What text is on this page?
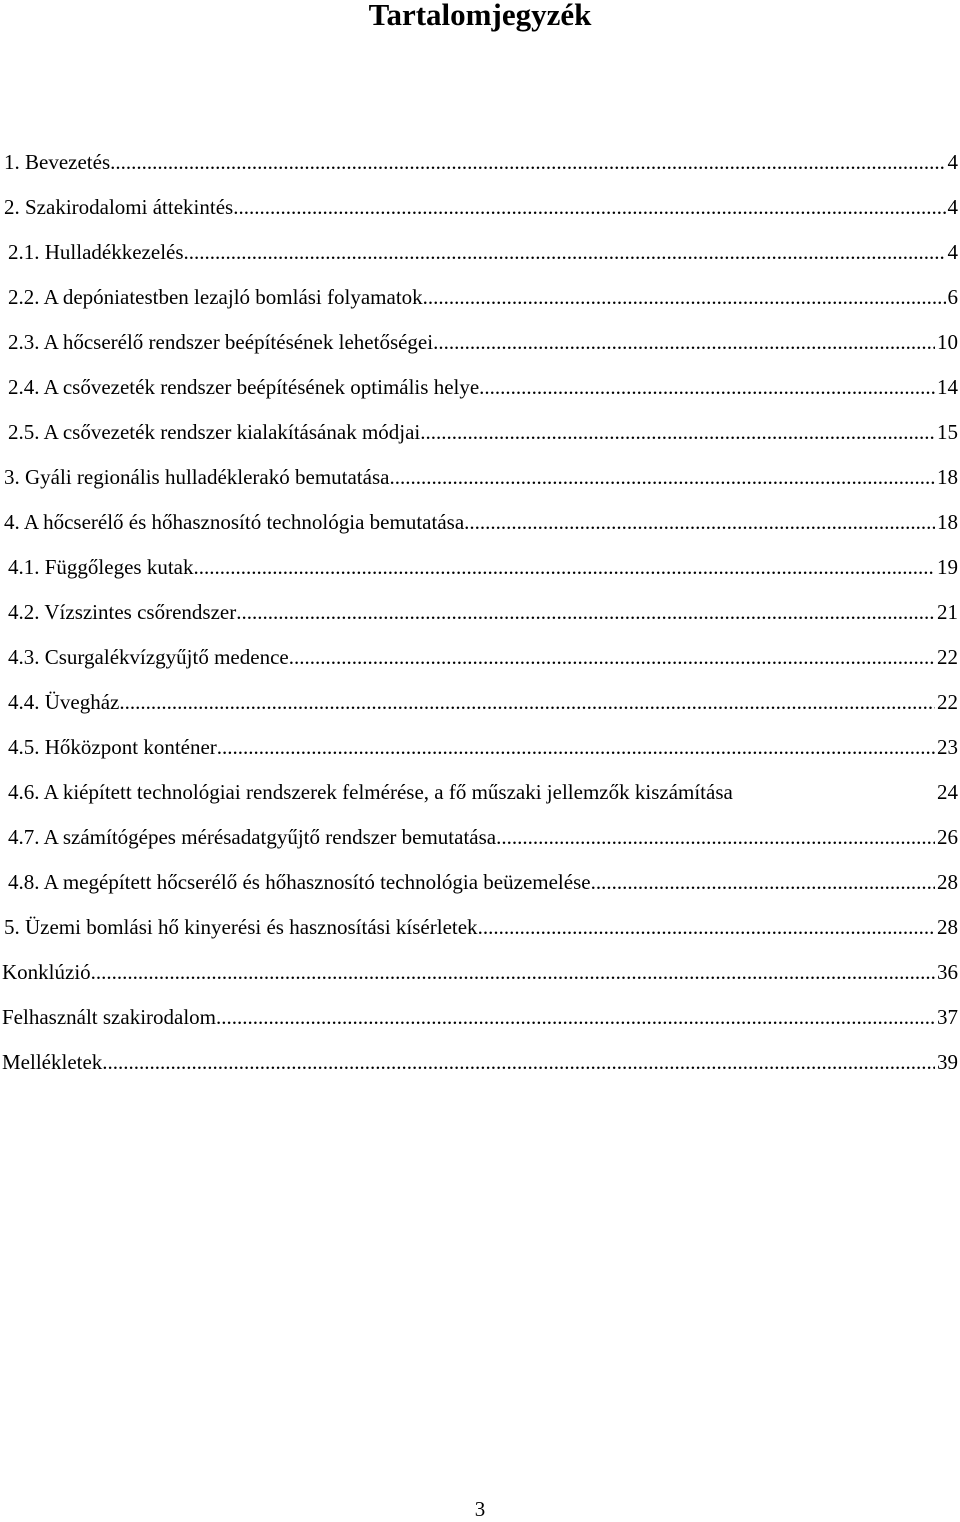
Tartalomjegyzék
1. Bevezetés .....	4
2. Szakirodalomi áttekintés .....	4
2.1. Hulladékkezelés .....	4
2.2. A depóniatestben lezajló bomlási folyamatok .....	6
2.3. A hőcserélő rendszer beépítésének lehetőségei .....	10
2.4. A csővezeték rendszer beépítésének optimális helye .....	14
2.5. A csővezeték rendszer kialakításának módjai .....	15
3. Gyáli regionális hulladéklerakó bemutatása .....	18
4. A hőcserélő és hőhasznosító technológia bemutatása .....	18
4.1. Függőleges kutak .....	19
4.2. Vízszintes csőrendszer .....	21
4.3. Csurgalékvízgyűjtő medence .....	22
4.4. Üvegház .....	22
4.5. Hőközpont konténer .....	23
4.6. A kiépített technológiai rendszerek felmérése, a fő műszaki jellemzők kiszámítása	24
4.7. A számítógépes mérésadatgyűjtő rendszer bemutatása .....	26
4.8. A megépített hőcserélő és hőhasznosító technológia beüzemelése .....	28
5. Üzemi bomlási hő kinyerési és hasznosítási kísérletek .....	28
Konklúzió .....	36
Felhasznált szakirodalom .....	37
Mellékletek .....	39
3
